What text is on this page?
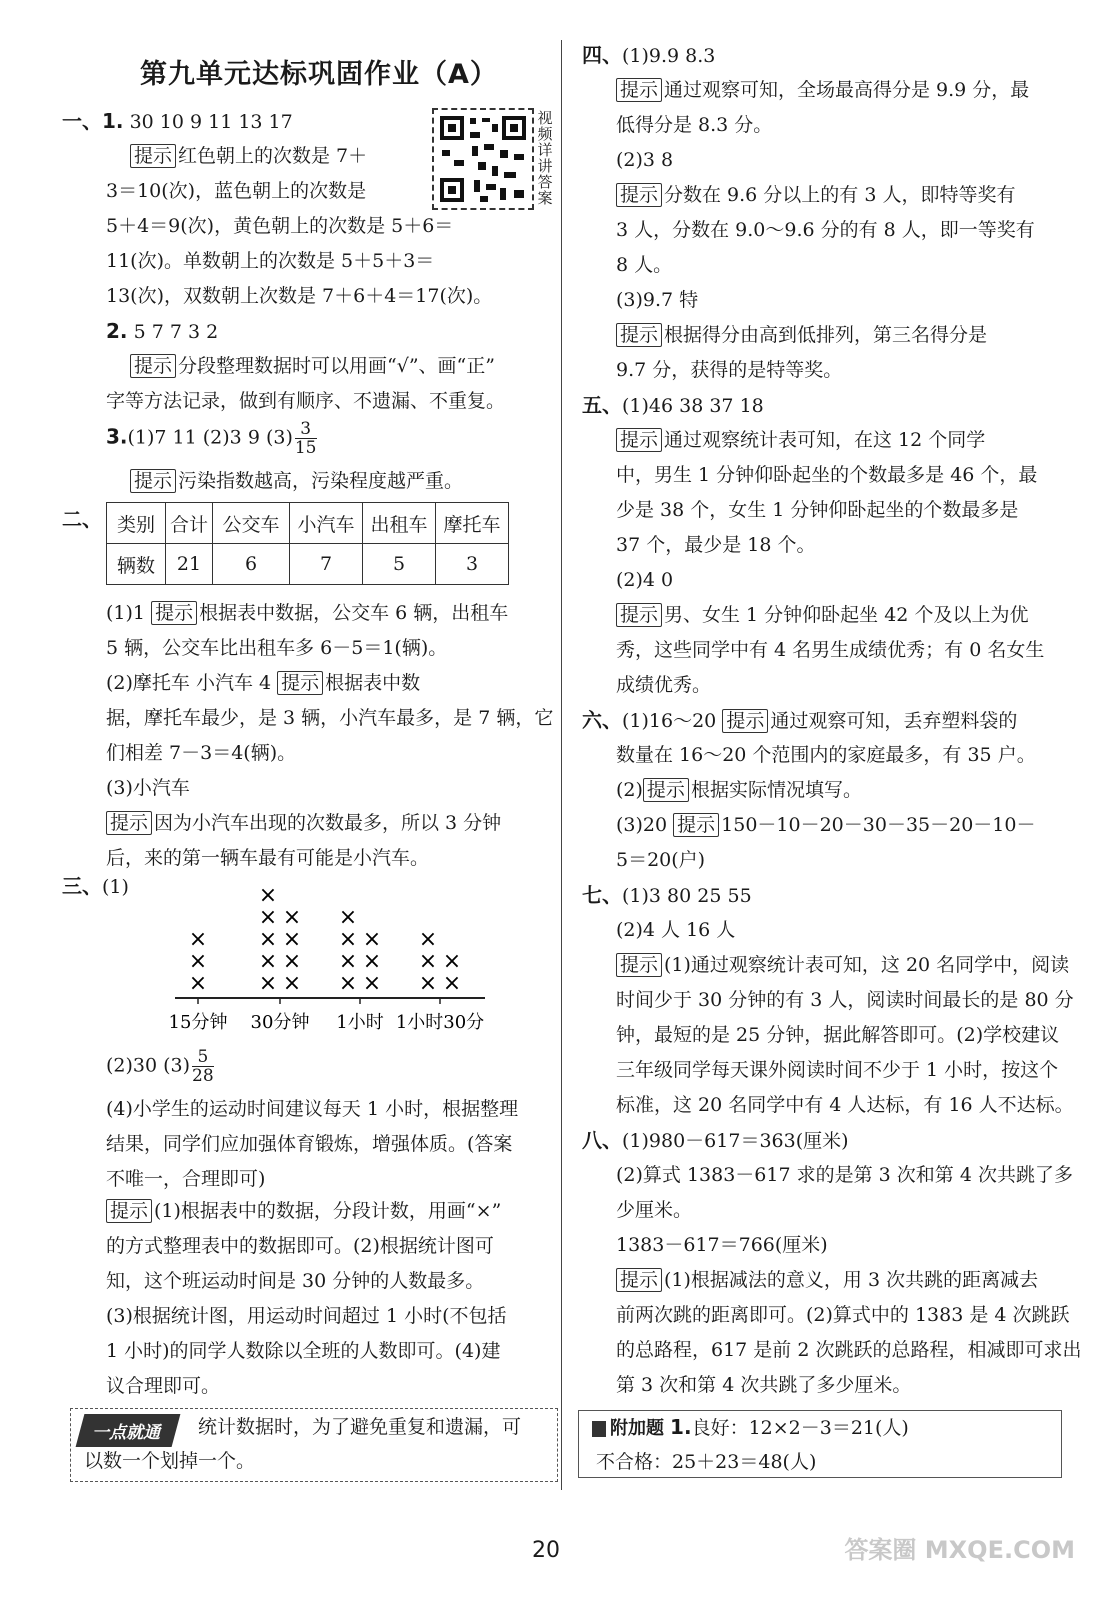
第九单元达标巩固作业（A）
视频详讲答案
一、1. 30 10 9 11 13 17
提示 红色朝上的次数是 7＋
3＝10(次)，蓝色朝上的次数是
5＋4＝9(次)，黄色朝上的次数是 5＋6＝
11(次)。单数朝上的次数是 5＋5＋3＝
13(次)，双数朝上次数是 7＋6＋4＝17(次)。
2. 5 7 7 3 2
提示 分段整理数据时可以用画“√”、画“正”
字等方法记录，做到有顺序、不遗漏、不重复。
3.(1)7 11 (2)3 9 $(3) \frac{3}{15}$
提示 污染指数越高，污染程度越严重。
二、 类别	合计	公交车	小汽车	出租车	摩托车
辆数	21	6	7	5	3
(1)1 提示 根据表中数据，公交车 6 辆，出租车
5 辆，公交车比出租车多 6－5＝1(辆)。
(2)摩托车 小汽车 4 提示 根据表中数
据，摩托车最少，是 3 辆，小汽车最多，是 7 辆，它
们相差 7－3＝4(辆)。
(3)小汽车
提示 因为小汽车出现的次数最多，所以 3 分钟
后，来的第一辆车最有可能是小汽车。
三、(1)
×
×
×
× ×
× ×
× ×
× ×
×
× ×
× ×
× ×
×
× ×
× ×
×
15分钟 30分钟 1小时 1小时30分
(2)30 $(3) \frac{5}{28}$
(4)小学生的运动时间建议每天 1 小时，根据整理
结果，同学们应加强体育锻炼，增强体质。(答案
不唯一，合理即可)
提示 (1)根据表中的数据，分段计数，用画“×”
的方式整理表中的数据即可。(2)根据统计图可
知，这个班运动时间是 30 分钟的人数最多。
(3)根据统计图，用运动时间超过 1 小时(不包括
1 小时)的同学人数除以全班的人数即可。(4)建
议合理即可。
一点就通	统计数据时，为了避免重复和遗漏，可
以数一个划掉一个。
四、(1)9.9 8.3
提示 通过观察可知，全场最高得分是 9.9 分，最
低得分是 8.3 分。
(2)3 8
提示 分数在 9.6 分以上的有 3 人，即特等奖有
3 人，分数在 9.0～9.6 分的有 8 人，即一等奖有
8 人。
(3)9.7 特
提示 根据得分由高到低排列，第三名得分是
9.7 分，获得的是特等奖。
五、(1)46 38 37 18
提示 通过观察统计表可知，在这 12 个同学
中，男生 1 分钟仰卧起坐的个数最多是 46 个，最
少是 38 个，女生 1 分钟仰卧起坐的个数最多是
37 个，最少是 18 个。
(2)4 0
提示 男、女生 1 分钟仰卧起坐 42 个及以上为优
秀，这些同学中有 4 名男生成绩优秀；有 0 名女生
成绩优秀。
六、(1)16～20 提示 通过观察可知，丢弃塑料袋的
数量在 16～20 个范围内的家庭最多，有 35 户。
(2) 提示 根据实际情况填写。
(3)20 提示 150－10－20－30－35－20－10－
5＝20(户)
七、(1)3 80 25 55
(2)4 人 16 人
提示 (1)通过观察统计表可知，这 20 名同学中，阅读
时间少于 30 分钟的有 3 人，阅读时间最长的是 80 分
钟，最短的是 25 分钟，据此解答即可。(2)学校建议
三年级同学每天课外阅读时间不少于 1 小时，按这个
标准，这 20 名同学中有 4 人达标，有 16 人不达标。
八、(1)980－617＝363(厘米)
(2)算式 1383－617 求的是第 3 次和第 4 次共跳了多
少厘米。
1383－617＝766(厘米)
提示 (1)根据减法的意义，用 3 次共跳的距离减去
前两次跳的距离即可。(2)算式中的 1383 是 4 次跳跃
的总路程，617 是前 2 次跳跃的总路程，相减即可求出
第 3 次和第 4 次共跳了多少厘米。
附加题 1.良好：12×2－3＝21(人)
不合格：25＋23＝48(人)
20	答案圈 MXQE.COM
